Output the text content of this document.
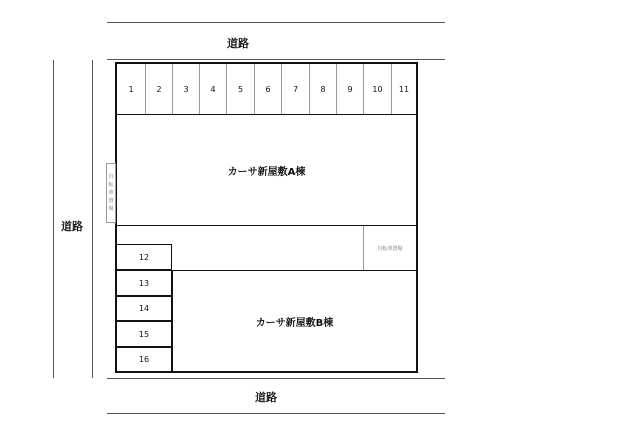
道路
道路
道路
1	2	3	4	5	6	7	8	9 10 11
カーサ新屋敷A棟
自転車置場
12
13
14
15
16
カーサ新屋敷B棟
自
転
車
置
場
